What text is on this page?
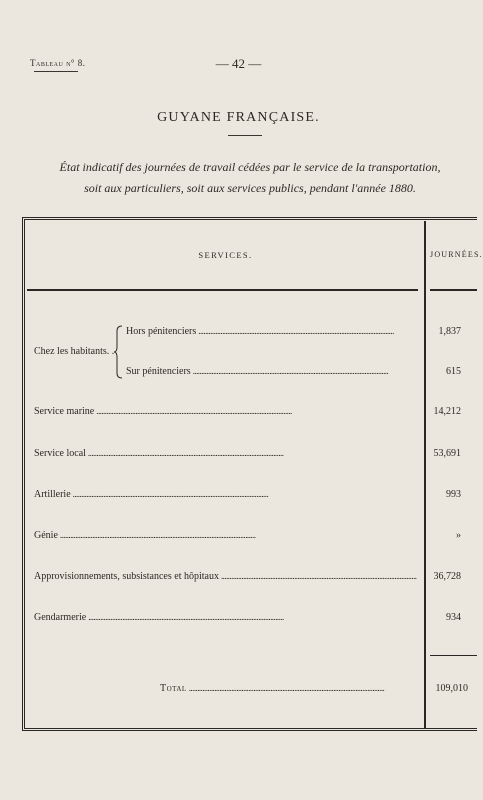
Tableau n° 8.	— 42 —
GUYANE FRANÇAISE.
État indicatif des journées de travail cédées par le service de la transportation,
soit aux particuliers, soit aux services publics, pendant l'année 1880.
SERVICES.	JOURNÉES.
Chez les habitants. .
Hors pénitenciers . . .	1,837
Sur pénitenciers . . .	615
Service marine . . .	14,212
Service local . . .	53,691
Artillerie . . .	993
Génie . . .	»
Approvisionnements, subsistances et hôpitaux . . .	36,728
Gendarmerie . . .	934
Total . . .	109,010
